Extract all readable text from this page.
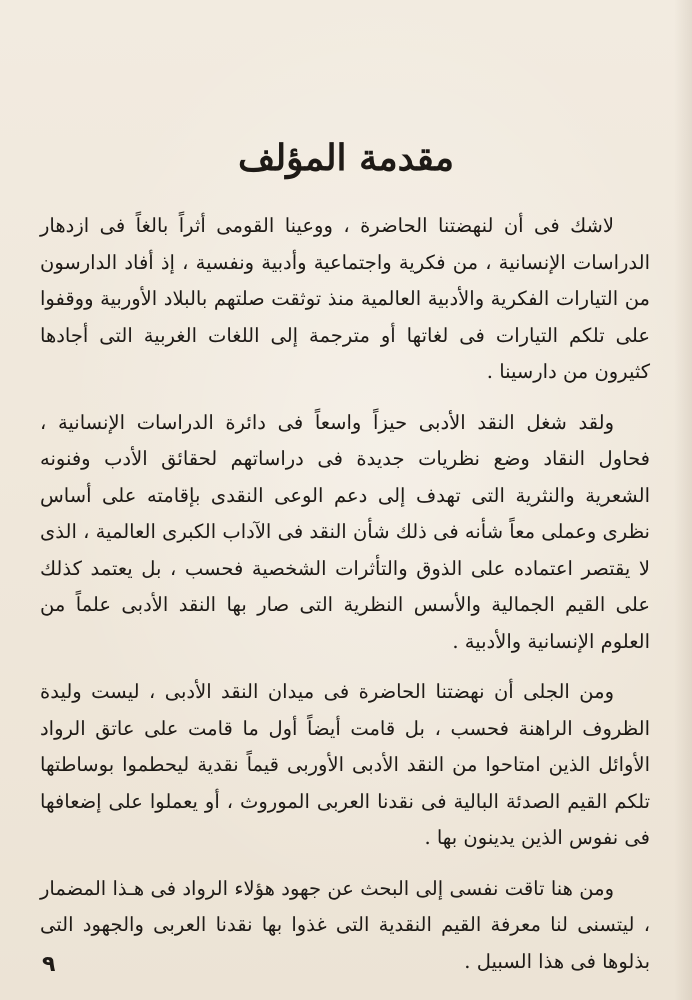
مقدمة المؤلف

لاشك فى أن لنهضتنا الحاضرة ، ووعينا القومى أثراً بالغاً فى ازدهار الدراسات الإنسانية ، من فكرية واجتماعية وأدبية ونفسية ، إذ أفاد الدارسون من التيارات الفكرية والأدبية العالمية منذ توثقت صلتهم بالبلاد الأوربية ووقفوا على تلكم التيارات فى لغاتها أو مترجمة إلى اللغات الغربية التى أجادها كثيرون من دارسينا .

ولقد شغل النقد الأدبى حيزاً واسعاً فى دائرة الدراسات الإنسانية ، فحاول النقاد وضع نظريات جديدة فى دراساتهم لحقائق الأدب وفنونه الشعرية والنثرية التى تهدف إلى دعم الوعى النقدى بإقامته على أساس نظرى وعملى معاً شأنه فى ذلك شأن النقد فى الآداب الكبرى العالمية ، الذى لا يقتصر اعتماده على الذوق والتأثرات الشخصية فحسب ، بل يعتمد كذلك على القيم الجمالية والأسس النظرية التى صار بها النقد الأدبى علماً من العلوم الإنسانية والأدبية .

ومن الجلى أن نهضتنا الحاضرة فى ميدان النقد الأدبى ، ليست وليدة الظروف الراهنة فحسب ، بل قامت أيضاً أول ما قامت على عاتق الرواد الأوائل الذين امتاحوا من النقد الأدبى الأوربى قيماً نقدية ليحطموا بوساطتها تلكم القيم الصدئة البالية فى نقدنا العربى الموروث ، أو يعملوا على إضعافها فى نفوس الذين يدينون بها .

ومن هنا تاقت نفسى إلى البحث عن جهود هؤلاء الرواد فى هـذا المضمار ، ليتسنى لنا معرفة القيم النقدية التى غذوا بها نقدنا العربى والجهود التى بذلوها فى هذا السبيل .

٩
